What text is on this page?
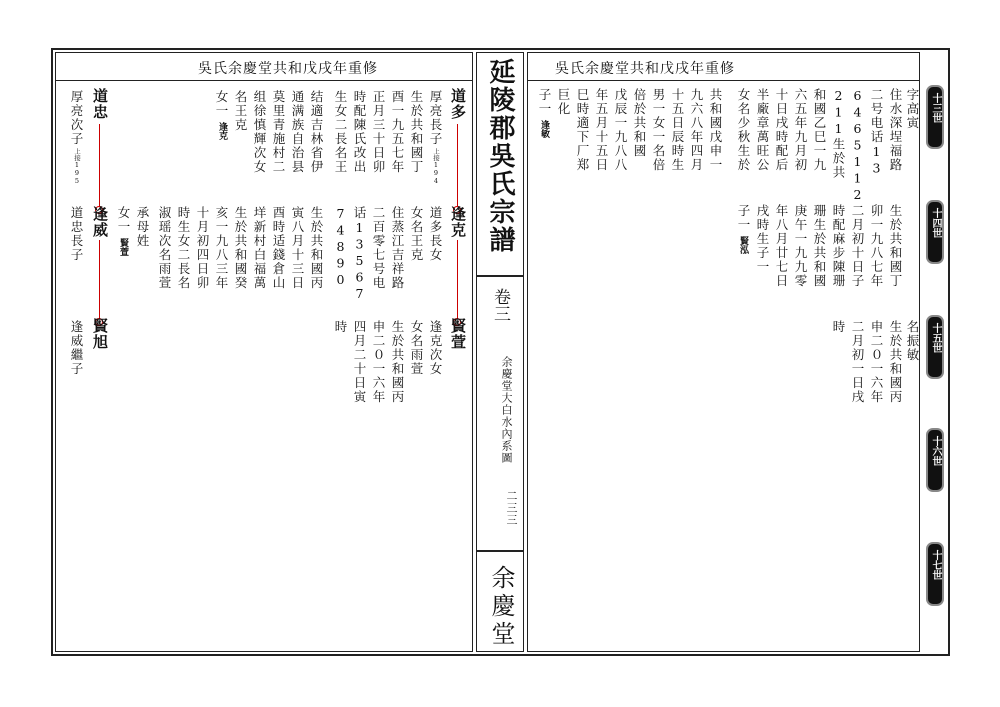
吳氏余慶堂共和戊戌年重修	吳氏余慶堂共和戊戌年重修
延陵郡吳氏宗譜
卷三
余慶堂大白水內系圖
二三三
余慶堂
十三世
十四世
十五世
十六世
十七世
字高寅
住水深埕福路
二号电话13
6465112
211生於共
和國乙巳一九
六五年九月初
十日戌時配后
半廠章萬旺公
女名少秋生於
共和國戊申一
九六八年四月
十五日辰時生
男一女一名倍
倍於共和國
戊辰一九八八
年五月十五日
巳時適下厂郑
巨化
子一
逢敏
生於共和國丁
卯一九八七年
二月初十日子
時配麻步陳珊
珊生於共和國
庚午一九九零
年八月廿七日
戌時生子一
子一
賢泓
名振敏
生於共和國丙
申二０一六年
二月初一日戌
時
道多
逢克
賢萱
厚亮長子
上接194
生於共和國丁
酉一九五七年
正月三十日卯
時配陳氏改出
生女二長名王
结適吉林省伊
通满族自治县
莫里青施村二
组徐慎輝次女
名王克
女一
逢克
道多長女
女名王克
住蒸江吉祥路
二百零七号电
话13567
74890
生於共和國丙
寅八月十三日
酉時适錢倉山
垟新村白福萬
生於共和國癸
亥一九八三年
十月初四日卯
時生女二長名
淑瑶次名雨萱
承母姓
女一
賢萱
逢克次女
女名雨萱
生於共和國丙
申二０一六年
四月二十日寅
時
道忠
逢威
賢旭
厚亮次子
上接195
道忠長子
逢威繼子
